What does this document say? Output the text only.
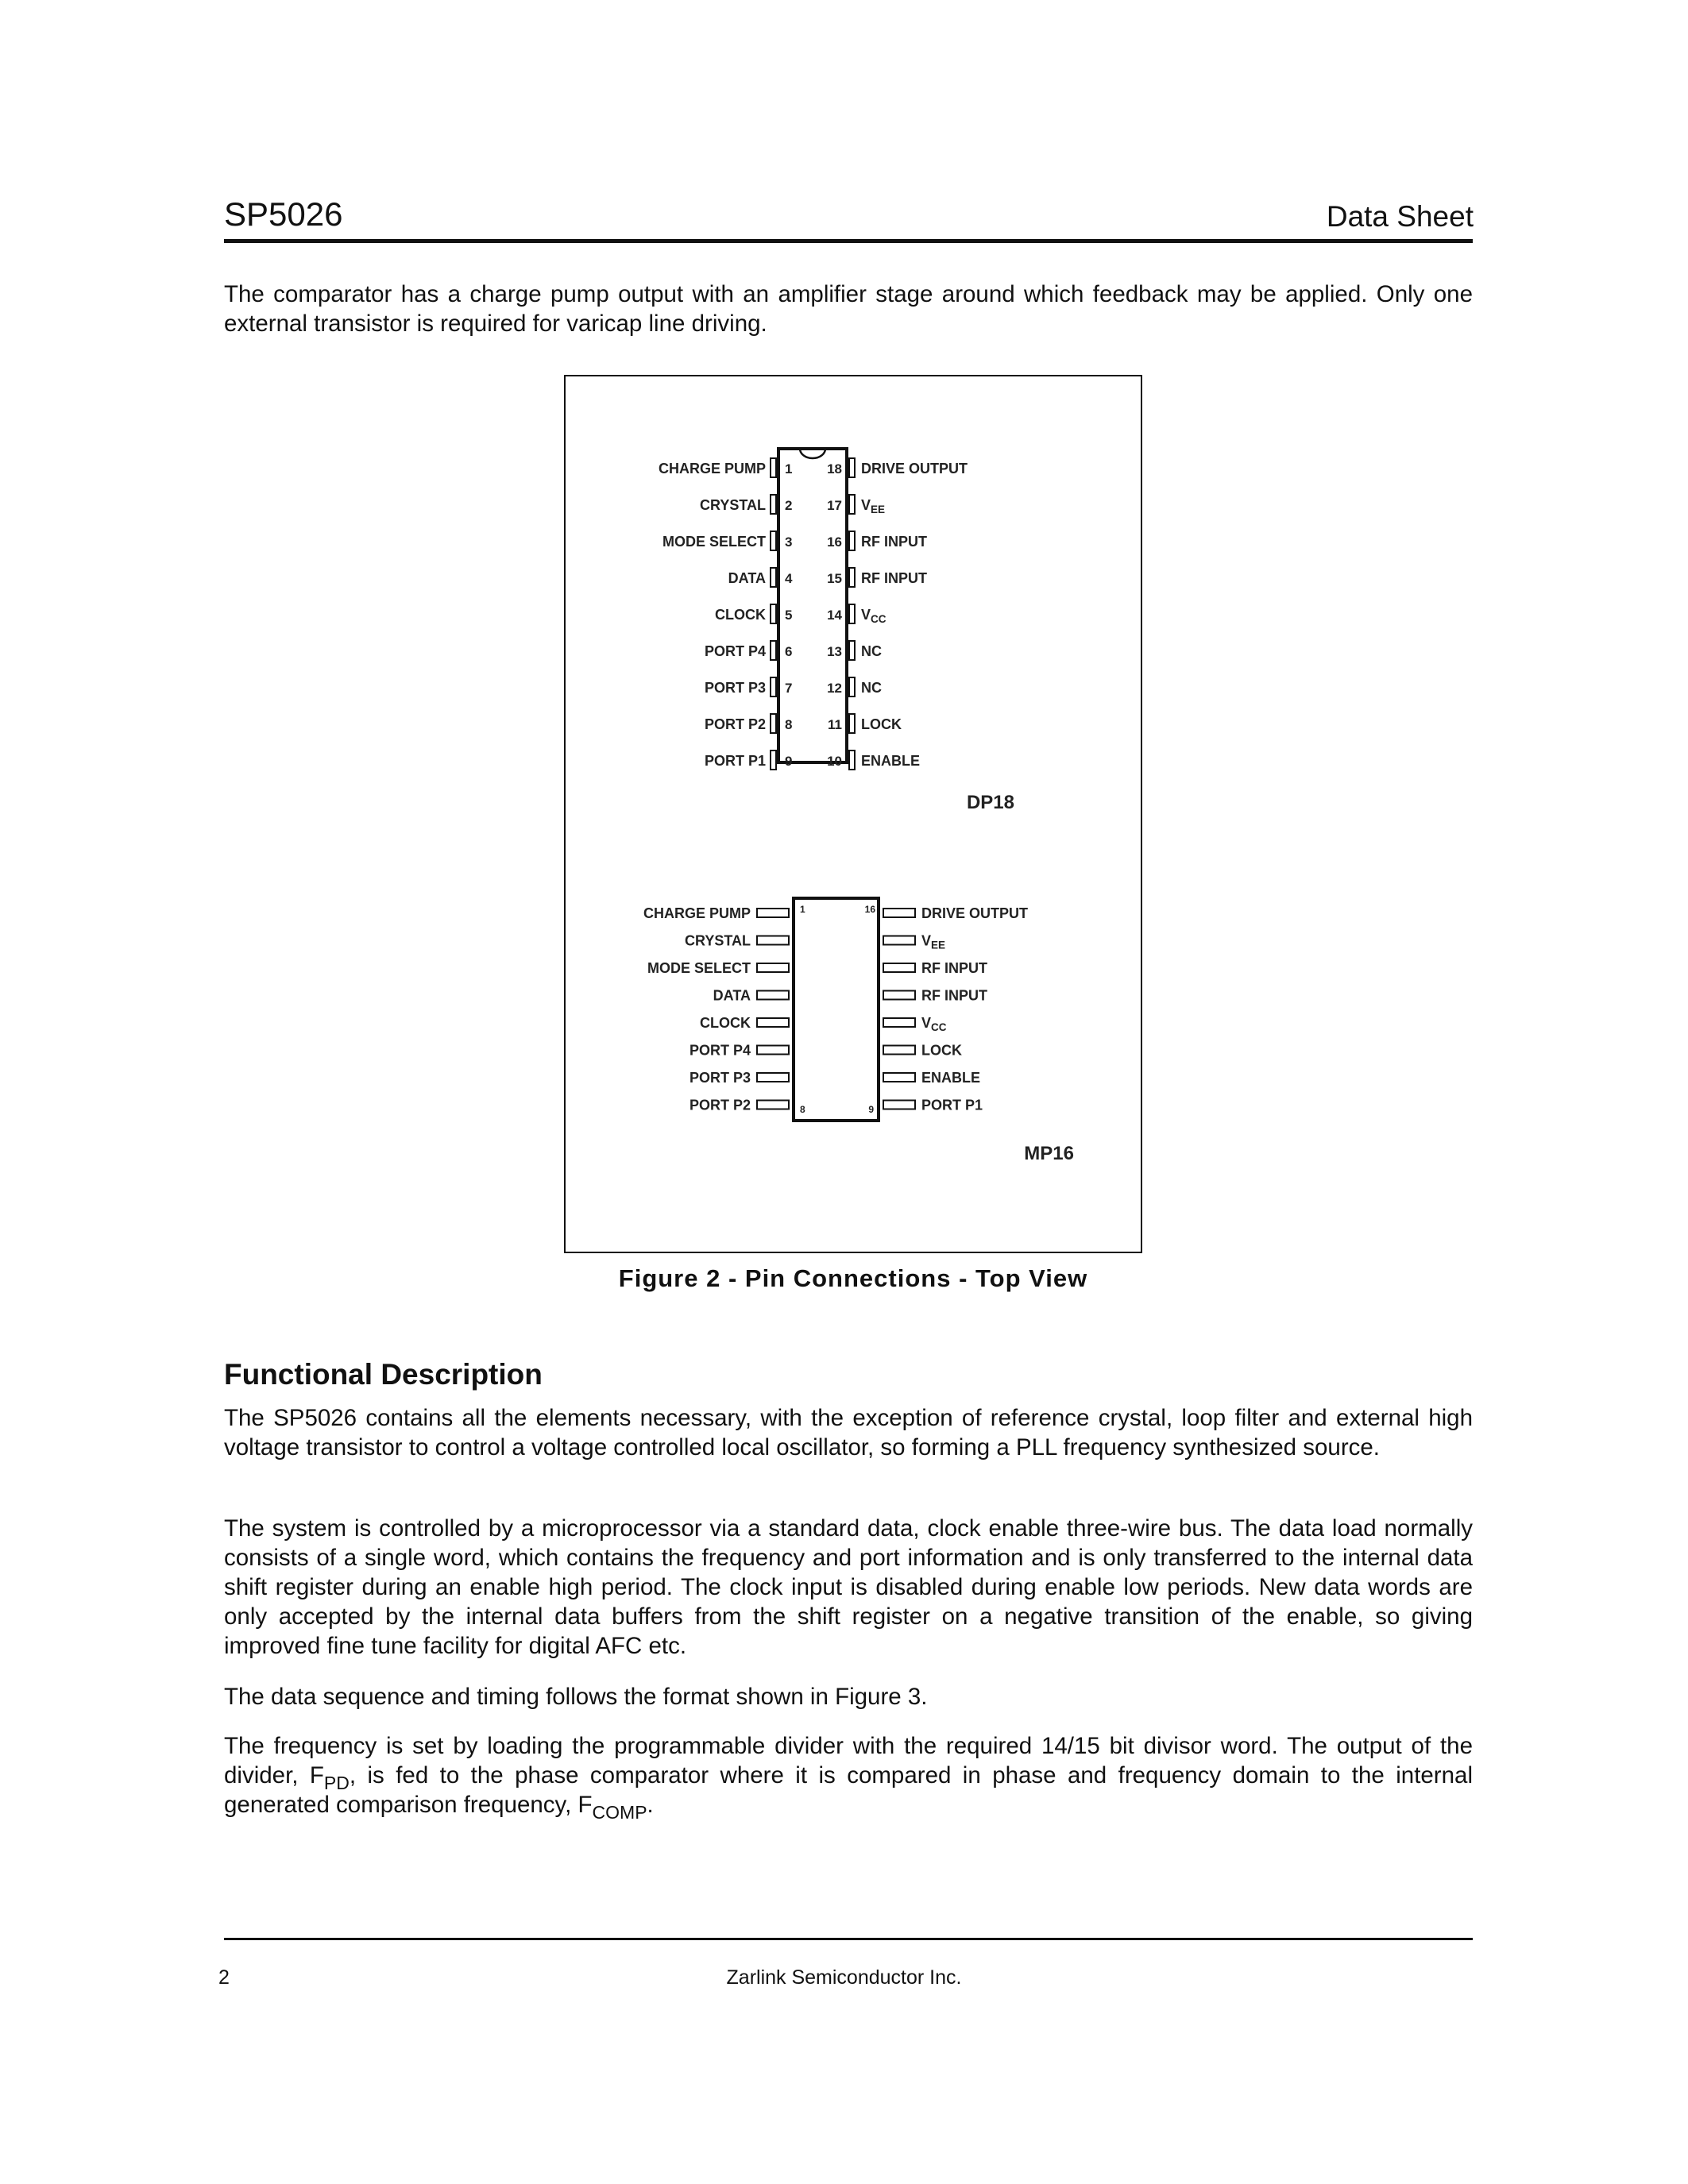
SP5026	Data Sheet
The comparator has a charge pump output with an amplifier stage around which feedback may be applied. Only one external transistor is required for varicap line driving.
1
CHARGE PUMP
2
CRYSTAL
3
MODE SELECT
4
DATA
5
CLOCK
6
PORT P4
7
PORT P3
8
PORT P2
9
PORT P1
18 DRIVE OUTPUT
17 $V_{EE}$
16 RF INPUT
15 RF INPUT
14 $V_{CC}$
13 NC
12 NC
11 LOCK
10 ENABLE
DP18
CHARGE PUMP
CRYSTAL
MODE SELECT
DATA
CLOCK
PORT P4
PORT P3
PORT P2
DRIVE OUTPUT
$V_{EE}$
RF INPUT
RF INPUT
$V_{CC}$
LOCK
ENABLE
PORT P1
1	16
8	9
MP16
Figure 2 - Pin Connections - Top View
Functional Description
The SP5026 contains all the elements necessary, with the exception of reference crystal, loop filter and external high voltage transistor to control a voltage controlled local oscillator, so forming a PLL frequency synthesized source.
The system is controlled by a microprocessor via a standard data, clock enable three-wire bus. The data load normally consists of a single word, which contains the frequency and port information and is only transferred to the internal data shift register during an enable high period. The clock input is disabled during enable low periods. New data words are only accepted by the internal data buffers from the shift register on a negative transition of the enable, so giving improved fine tune facility for digital AFC etc.
The data sequence and timing follows the format shown in Figure 3.
The frequency is set by loading the programmable divider with the required 14/15 bit divisor word. The output of the divider, $F_{PD}$, is fed to the phase comparator where it is compared in phase and frequency domain to the internal generated comparison frequency, $F_{COMP}$.
2	Zarlink Semiconductor Inc.
